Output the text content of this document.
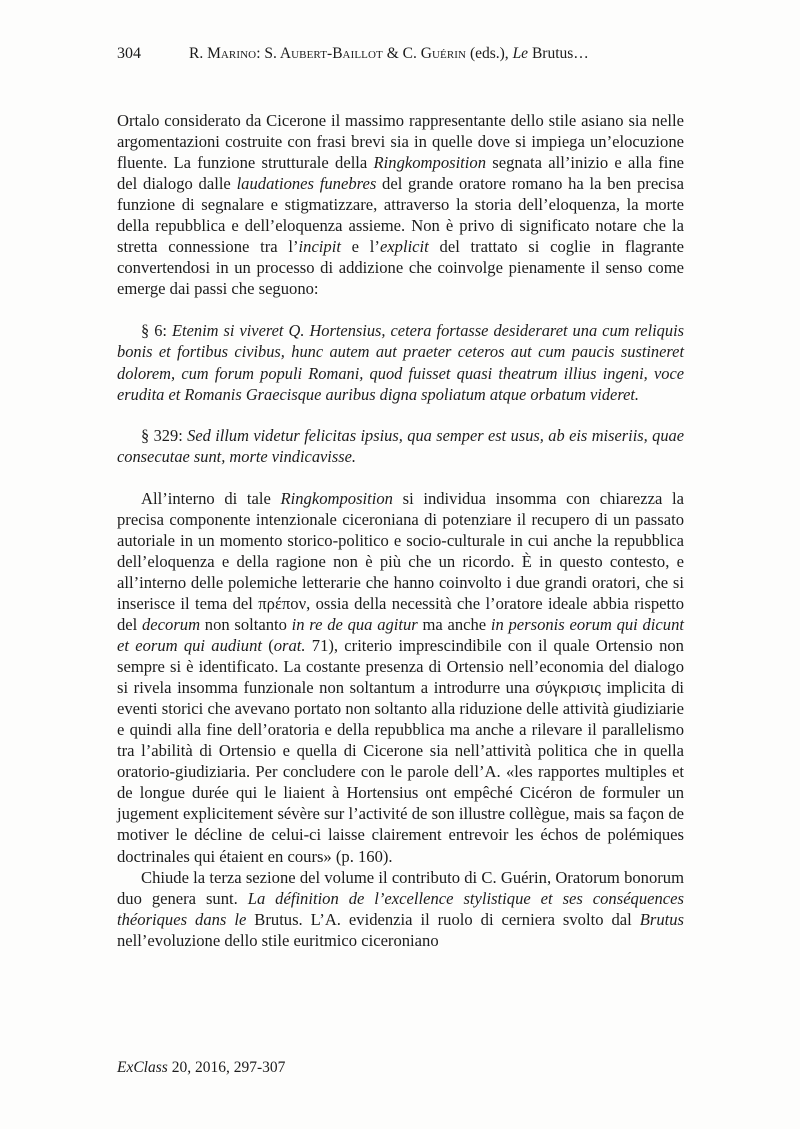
304	R. Marino: S. Aubert-Baillot & C. Guérin (eds.), Le Brutus…

Ortalo considerato da Cicerone il massimo rappresentante dello stile asiano sia nelle argomentazioni costruite con frasi brevi sia in quelle dove si impiega un’elocuzione fluente. La funzione strutturale della Ringkomposition segnata all’inizio e alla fine del dialogo dalle laudationes funebres del grande oratore romano ha la ben precisa funzione di segnalare e stigmatizzare, attraverso la storia dell’eloquenza, la morte della repubblica e dell’eloquenza assieme. Non è privo di significato notare che la stretta connessione tra l’incipit e l’explicit del trattato si coglie in flagrante convertendosi in un processo di addizione che coinvolge pienamente il senso come emerge dai passi che seguono:

§ 6: Etenim si viveret Q. Hortensius, cetera fortasse desideraret una cum reliquis bonis et fortibus civibus, hunc autem aut praeter ceteros aut cum paucis sustineret dolorem, cum forum populi Romani, quod fuisset quasi theatrum illius ingeni, voce erudita et Romanis Graecisque auribus digna spoliatum atque orbatum videret.

§ 329: Sed illum videtur felicitas ipsius, qua semper est usus, ab eis miseriis, quae consecutae sunt, morte vindicavisse.

All’interno di tale Ringkomposition si individua insomma con chiarezza la precisa componente intenzionale ciceroniana di potenziare il recupero di un passato autoriale in un momento storico-politico e socio-culturale in cui anche la repubblica dell’eloquenza e della ragione non è più che un ricordo. È in questo contesto, e all’interno delle polemiche letterarie che hanno coinvolto i due grandi oratori, che si inserisce il tema del πρέπον, ossia della necessità che l’oratore ideale abbia rispetto del decorum non soltanto in re de qua agitur ma anche in personis eorum qui dicunt et eorum qui audiunt (orat. 71), criterio imprescindibile con il quale Ortensio non sempre si è identificato. La costante presenza di Ortensio nell’economia del dialogo si rivela insomma funzionale non soltantum a introdurre una σύγκρισις implicita di eventi storici che avevano portato non soltanto alla riduzione delle attività giudiziarie e quindi alla fine dell’oratoria e della repubblica ma anche a rilevare il parallelismo tra l’abilità di Ortensio e quella di Cicerone sia nell’attività politica che in quella oratorio-giudiziaria. Per concludere con le parole dell’A. «les rapportes multiples et de longue durée qui le liaient à Hortensius ont empêché Cicéron de formuler un jugement explicitement sévère sur l’activité de son illustre collègue, mais sa façon de motiver le décline de celui-ci laisse clairement entrevoir les échos de polémiques doctrinales qui étaient en cours» (p. 160).

Chiude la terza sezione del volume il contributo di C. Guérin, Oratorum bonorum duo genera sunt. La définition de l’excellence stylistique et ses conséquences théoriques dans le Brutus. L’A. evidenzia il ruolo di cerniera svolto dal Brutus nell’evoluzione dello stile euritmico ciceroniano

ExClass 20, 2016, 297-307
